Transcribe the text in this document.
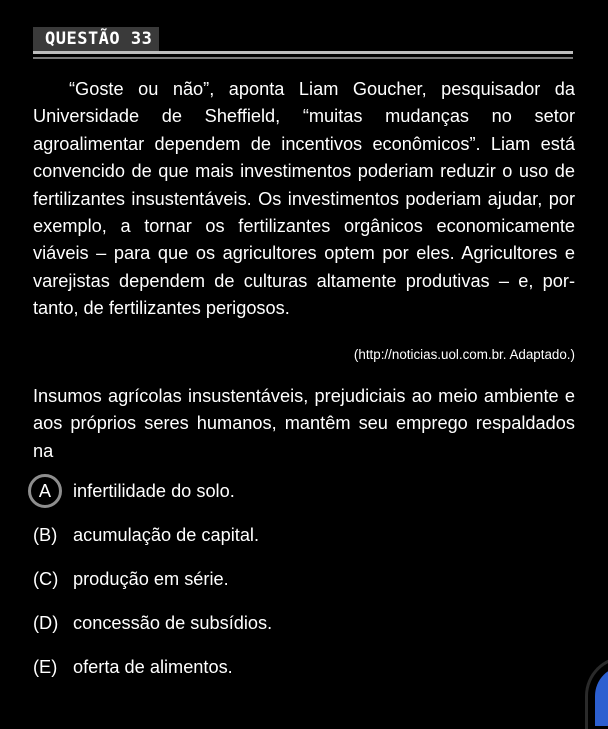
QUESTÃO 33

“Goste ou não”, aponta Liam Goucher, pesquisador da Universidade de Sheffield, “muitas mudanças no setor agroalimentar dependem de incentivos econômicos”. Liam está convencido de que mais investimentos poderiam reduzir o uso de fertilizantes insustentáveis. Os investimentos poderiam ajudar, por exemplo, a tornar os fertilizantes orgânicos economicamente viáveis – para que os agricultores optem por eles. Agricultores e varejistas dependem de culturas altamente produtivas – e, portanto, de fertilizantes perigosos.

(http://noticias.uol.com.br. Adaptado.)

Insumos agrícolas insustentáveis, prejudiciais ao meio ambiente e aos próprios seres humanos, mantêm seu emprego respaldados na

A	infertilidade do solo.
(B) acumulação de capital.
(C) produção em série.
(D) concessão de subsídios.
(E) oferta de alimentos.
